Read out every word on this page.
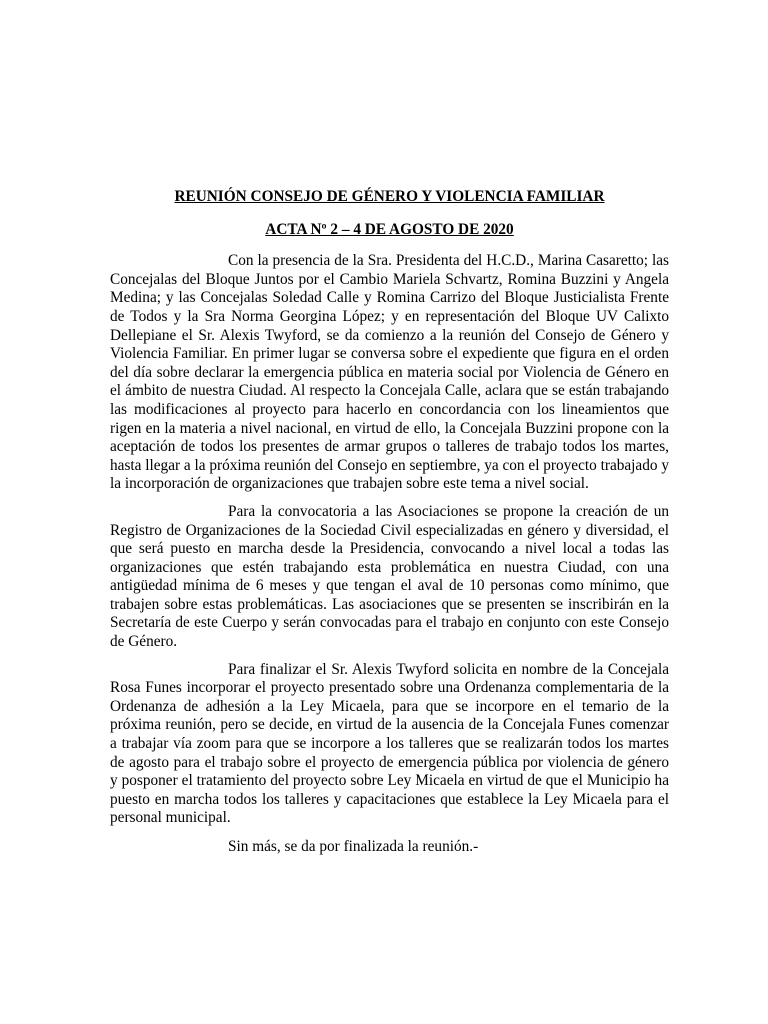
REUNIÓN CONSEJO DE GÉNERO Y VIOLENCIA FAMILIAR

ACTA Nº 2 – 4 DE AGOSTO DE 2020

Con la presencia de la Sra. Presidenta del H.C.D., Marina Casaretto; las Concejalas del Bloque Juntos por el Cambio Mariela Schvartz, Romina Buzzini y Angela Medina; y las Concejalas Soledad Calle y Romina Carrizo del Bloque Justicialista Frente de Todos y la Sra Norma Georgina López; y en representación del Bloque UV Calixto Dellepiane el Sr. Alexis Twyford, se da comienzo a la reunión del Consejo de Género y Violencia Familiar. En primer lugar se conversa sobre el expediente que figura en el orden del día sobre declarar la emergencia pública en materia social por Violencia de Género en el ámbito de nuestra Ciudad. Al respecto la Concejala Calle, aclara que se están trabajando las modificaciones al proyecto para hacerlo en concordancia con los lineamientos que rigen en la materia a nivel nacional, en virtud de ello, la Concejala Buzzini propone con la aceptación de todos los presentes de armar grupos o talleres de trabajo todos los martes, hasta llegar a la próxima reunión del Consejo en septiembre, ya con el proyecto trabajado y la incorporación de organizaciones que trabajen sobre este tema a nivel social.

Para la convocatoria a las Asociaciones se propone la creación de un Registro de Organizaciones de la Sociedad Civil especializadas en género y diversidad, el que será puesto en marcha desde la Presidencia, convocando a nivel local a todas las organizaciones que estén trabajando esta problemática en nuestra Ciudad, con una antigüedad mínima de 6 meses y que tengan el aval de 10 personas como mínimo, que trabajen sobre estas problemáticas. Las asociaciones que se presenten se inscribirán en la Secretaría de este Cuerpo y serán convocadas para el trabajo en conjunto con este Consejo de Género.

Para finalizar el Sr. Alexis Twyford solicita en nombre de la Concejala Rosa Funes incorporar el proyecto presentado sobre una Ordenanza complementaria de la Ordenanza de adhesión a la Ley Micaela, para que se incorpore en el temario de la próxima reunión, pero se decide, en virtud de la ausencia de la Concejala Funes comenzar a trabajar vía zoom para que se incorpore a los talleres que se realizarán todos los martes de agosto para el trabajo sobre el proyecto de emergencia pública por violencia de género y posponer el tratamiento del proyecto sobre Ley Micaela en virtud de que el Municipio ha puesto en marcha todos los talleres y capacitaciones que establece la Ley Micaela para el personal municipal.

Sin más, se da por finalizada la reunión.-
